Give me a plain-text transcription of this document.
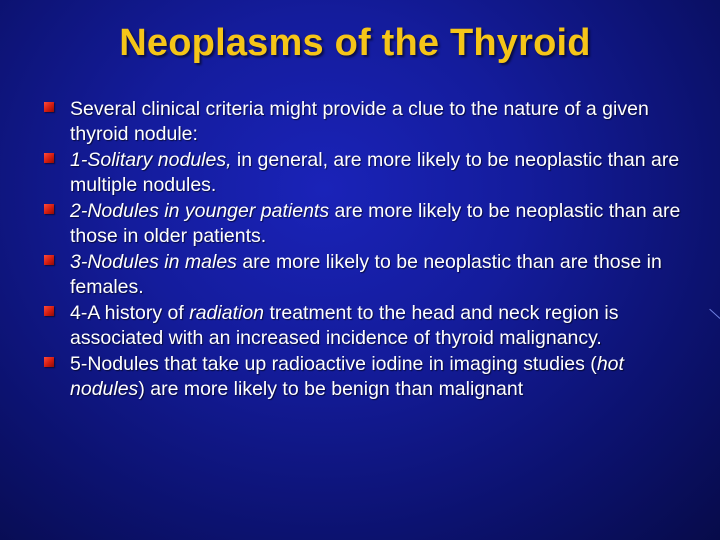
Neoplasms of the Thyroid
Several clinical criteria might provide a clue to the nature of a given thyroid nodule:
1-Solitary nodules, in general, are more likely to be neoplastic than are multiple nodules.
2-Nodules in younger patients are more likely to be neoplastic than are those in older patients.
3-Nodules in males are more likely to be neoplastic than are those in females.
4-A history of radiation treatment to the head and neck region is associated with an increased incidence of thyroid malignancy.
5-Nodules that take up radioactive iodine in imaging studies (hot nodules) are more likely to be benign than malignant
